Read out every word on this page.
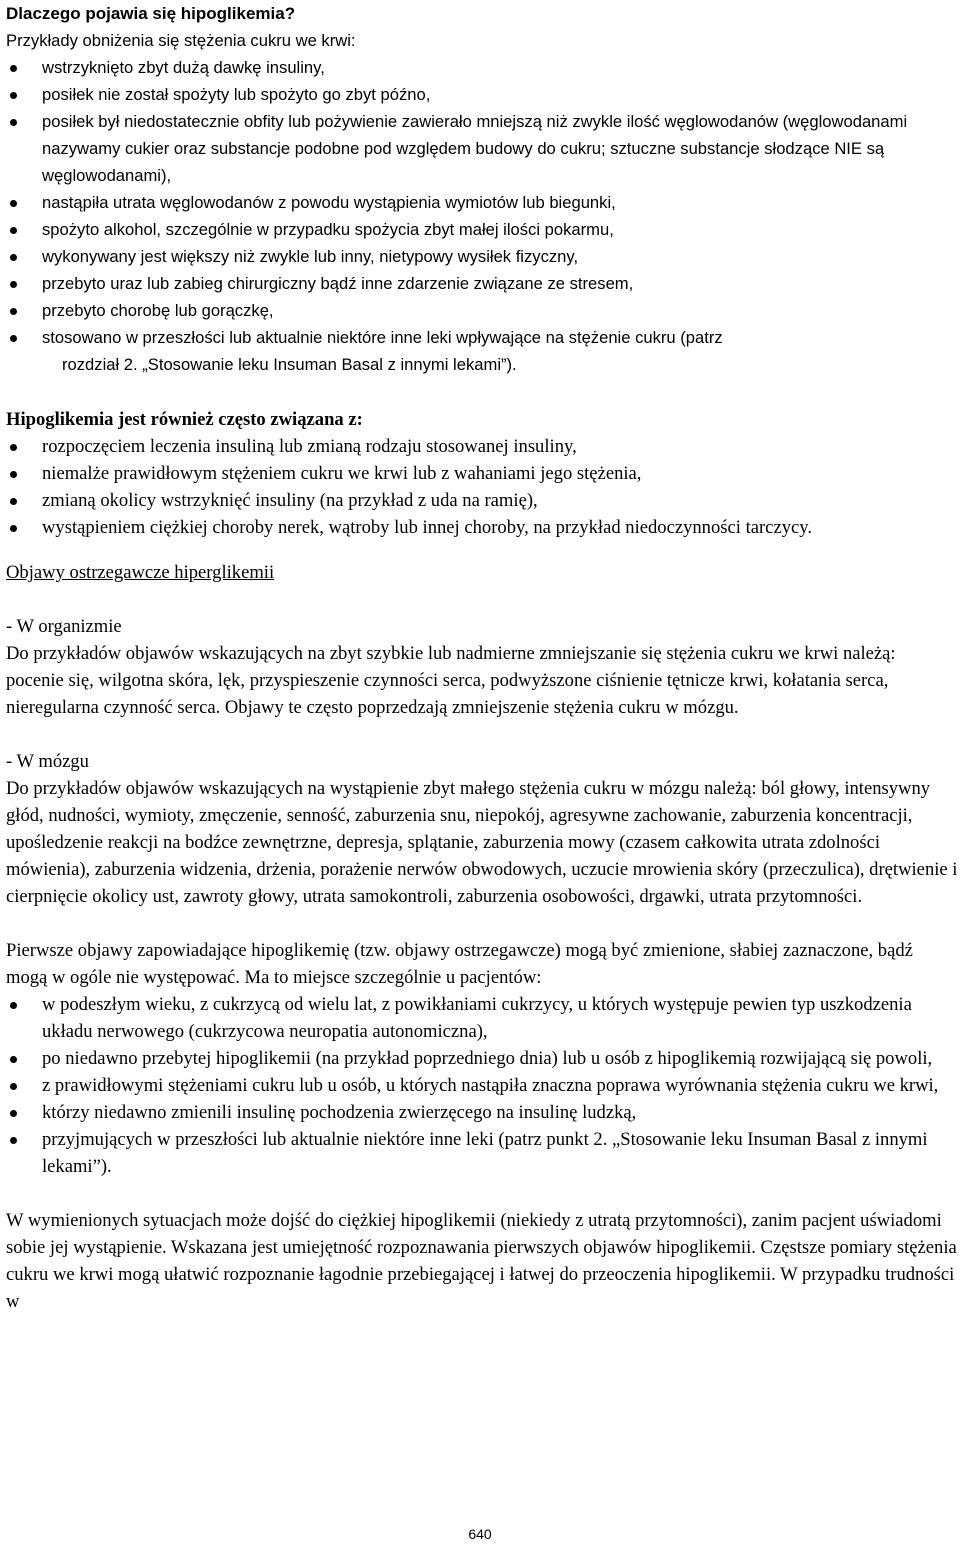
Dlaczego pojawia się hipoglikemia?

Przykłady obniżenia się stężenia cukru we krwi:

wstrzyknięto zbyt dużą dawkę insuliny,
posiłek nie został spożyty lub spożyto go zbyt późno,
posiłek był niedostatecznie obfity lub pożywienie zawierało mniejszą niż zwykle ilość węglowodanów (węglowodanami nazywamy cukier oraz substancje podobne pod względem budowy do cukru; sztuczne substancje słodzące NIE są węglowodanami),
nastąpiła utrata węglowodanów z powodu wystąpienia wymiotów lub biegunki,
spożyto alkohol, szczególnie w przypadku spożycia zbyt małej ilości pokarmu,
wykonywany jest większy niż zwykle lub inny, nietypowy wysiłek fizyczny,
przebyto uraz lub zabieg chirurgiczny bądź inne zdarzenie związane ze stresem,
przebyto chorobę lub gorączkę,
stosowano w przeszłości lub aktualnie niektóre inne leki wpływające na stężenie cukru (patrz

rozdział 2. „Stosowanie leku Insuman Basal z innymi lekami”).

Hipoglikemia jest również często związana z:

rozpoczęciem leczenia insuliną lub zmianą rodzaju stosowanej insuliny,
niemalże prawidłowym stężeniem cukru we krwi lub z wahaniami jego stężenia,
zmianą okolicy wstrzyknięć insuliny (na przykład z uda na ramię),
wystąpieniem ciężkiej choroby nerek, wątroby lub innej choroby, na przykład niedoczynności tarczycy.

Objawy ostrzegawcze hiperglikemii

- W organizmie

Do przykładów objawów wskazujących na zbyt szybkie lub nadmierne zmniejszanie się stężenia cukru we krwi należą: pocenie się, wilgotna skóra, lęk, przyspieszenie czynności serca, podwyższone ciśnienie tętnicze krwi, kołatania serca, nieregularna czynność serca. Objawy te często poprzedzają zmniejszenie stężenia cukru w mózgu.

- W mózgu

Do przykładów objawów wskazujących na wystąpienie zbyt małego stężenia cukru w mózgu należą: ból głowy, intensywny głód, nudności, wymioty, zmęczenie, senność, zaburzenia snu, niepokój, agresywne zachowanie, zaburzenia koncentracji, upośledzenie reakcji na bodźce zewnętrzne, depresja, splątanie, zaburzenia mowy (czasem całkowita utrata zdolności mówienia), zaburzenia widzenia, drżenia, porażenie nerwów obwodowych, uczucie mrowienia skóry (przeczulica), drętwienie i cierpnięcie okolicy ust, zawroty głowy, utrata samokontroli, zaburzenia osobowości, drgawki, utrata przytomności.

Pierwsze objawy zapowiadające hipoglikemię (tzw. objawy ostrzegawcze) mogą być zmienione, słabiej zaznaczone, bądź mogą w ogóle nie występować. Ma to miejsce szczególnie u pacjentów:

w podeszłym wieku, z cukrzycą od wielu lat, z powikłaniami cukrzycy, u których występuje pewien typ uszkodzenia układu nerwowego (cukrzycowa neuropatia autonomiczna),
po niedawno przebytej hipoglikemii (na przykład poprzedniego dnia) lub u osób z hipoglikemią rozwijającą się powoli,
z prawidłowymi stężeniami cukru lub u osób, u których nastąpiła znaczna poprawa wyrównania stężenia cukru we krwi,
którzy niedawno zmienili insulinę pochodzenia zwierzęcego na insulinę ludzką,
przyjmujących w przeszłości lub aktualnie niektóre inne leki (patrz punkt 2. „Stosowanie leku Insuman Basal z innymi lekami”).

W wymienionych sytuacjach może dojść do ciężkiej hipoglikemii (niekiedy z utratą przytomności), zanim pacjent uświadomi sobie jej wystąpienie. Wskazana jest umiejętność rozpoznawania pierwszych objawów hipoglikemii. Częstsze pomiary stężenia cukru we krwi mogą ułatwić rozpoznanie łagodnie przebiegającej i łatwej do przeoczenia hipoglikemii. W przypadku trudności w

640
